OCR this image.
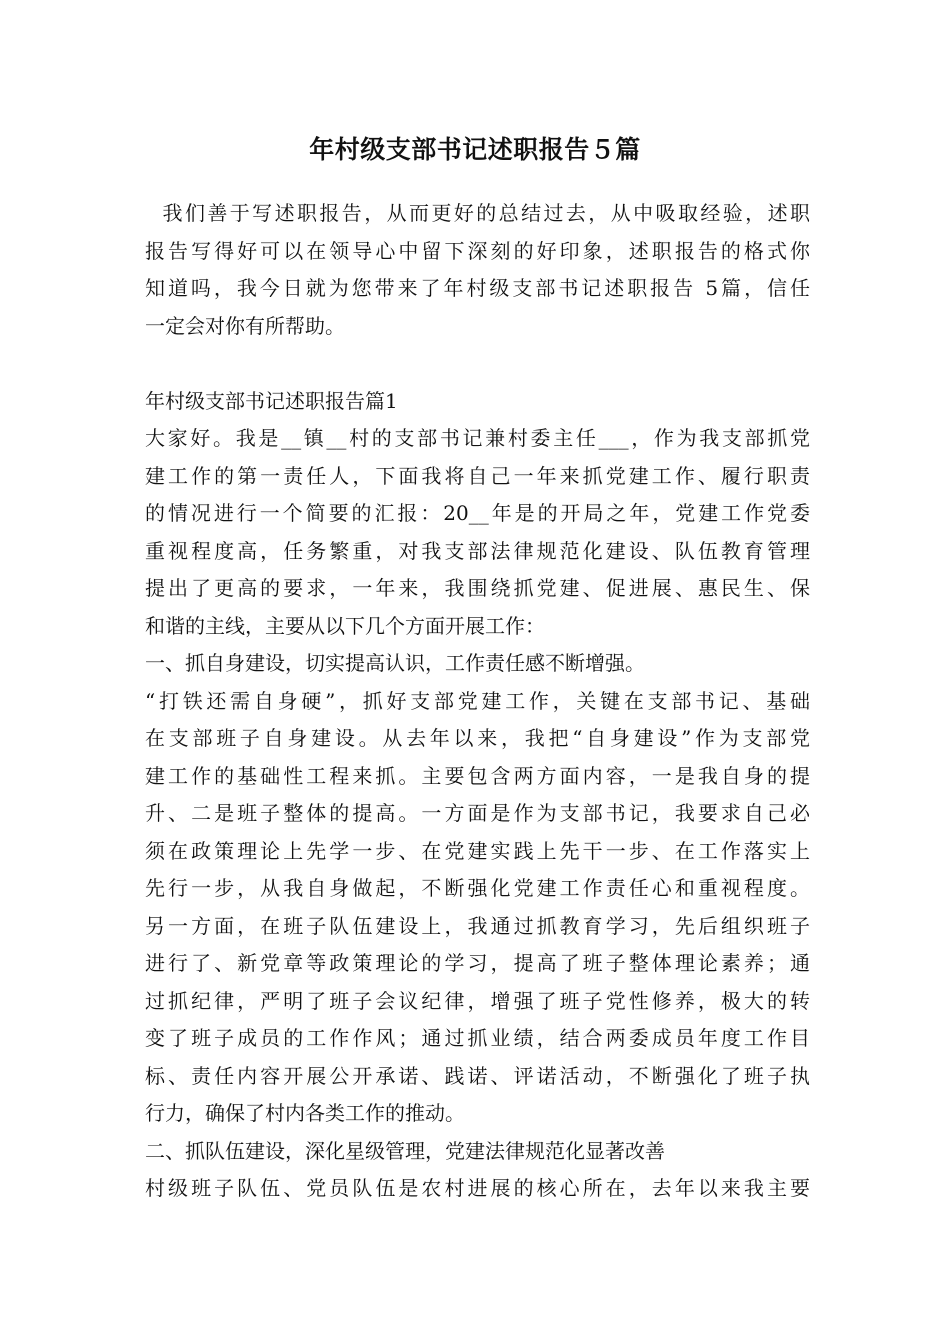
年村级支部书记述职报告５篇
我们善于写述职报告，从而更好的总结过去，从中吸取经验，述职
报告写得好可以在领导心中留下深刻的好印象，述职报告的格式你
知道吗，我今日就为您带来了年村级支部书记述职报告 5篇，信任
一定会对你有所帮助。
年村级支部书记述职报告篇1
大家好。我是__镇__村的支部书记兼村委主任___，作为我支部抓党
建工作的第一责任人，下面我将自己一年来抓党建工作、履行职责
的情况进行一个简要的汇报：20__年是的开局之年，党建工作党委
重视程度高，任务繁重，对我支部法律规范化建设、队伍教育管理
提出了更高的要求，一年来，我围绕抓党建、促进展、惠民生、保
和谐的主线，主要从以下几个方面开展工作：
一、抓自身建设，切实提高认识，工作责任感不断增强。
“打铁还需自身硬”，抓好支部党建工作，关键在支部书记、基础
在支部班子自身建设。从去年以来，我把“自身建设”作为支部党
建工作的基础性工程来抓。主要包含两方面内容，一是我自身的提
升、二是班子整体的提高。一方面是作为支部书记，我要求自己必
须在政策理论上先学一步、在党建实践上先干一步、在工作落实上
先行一步，从我自身做起，不断强化党建工作责任心和重视程度。
另一方面，在班子队伍建设上，我通过抓教育学习，先后组织班子
进行了、新党章等政策理论的学习，提高了班子整体理论素养；通
过抓纪律，严明了班子会议纪律，增强了班子党性修养，极大的转
变了班子成员的工作作风；通过抓业绩，结合两委成员年度工作目
标、责任内容开展公开承诺、践诺、评诺活动，不断强化了班子执
行力，确保了村内各类工作的推动。
二、抓队伍建设，深化星级管理，党建法律规范化显著改善
村级班子队伍、党员队伍是农村进展的核心所在，去年以来我主要
